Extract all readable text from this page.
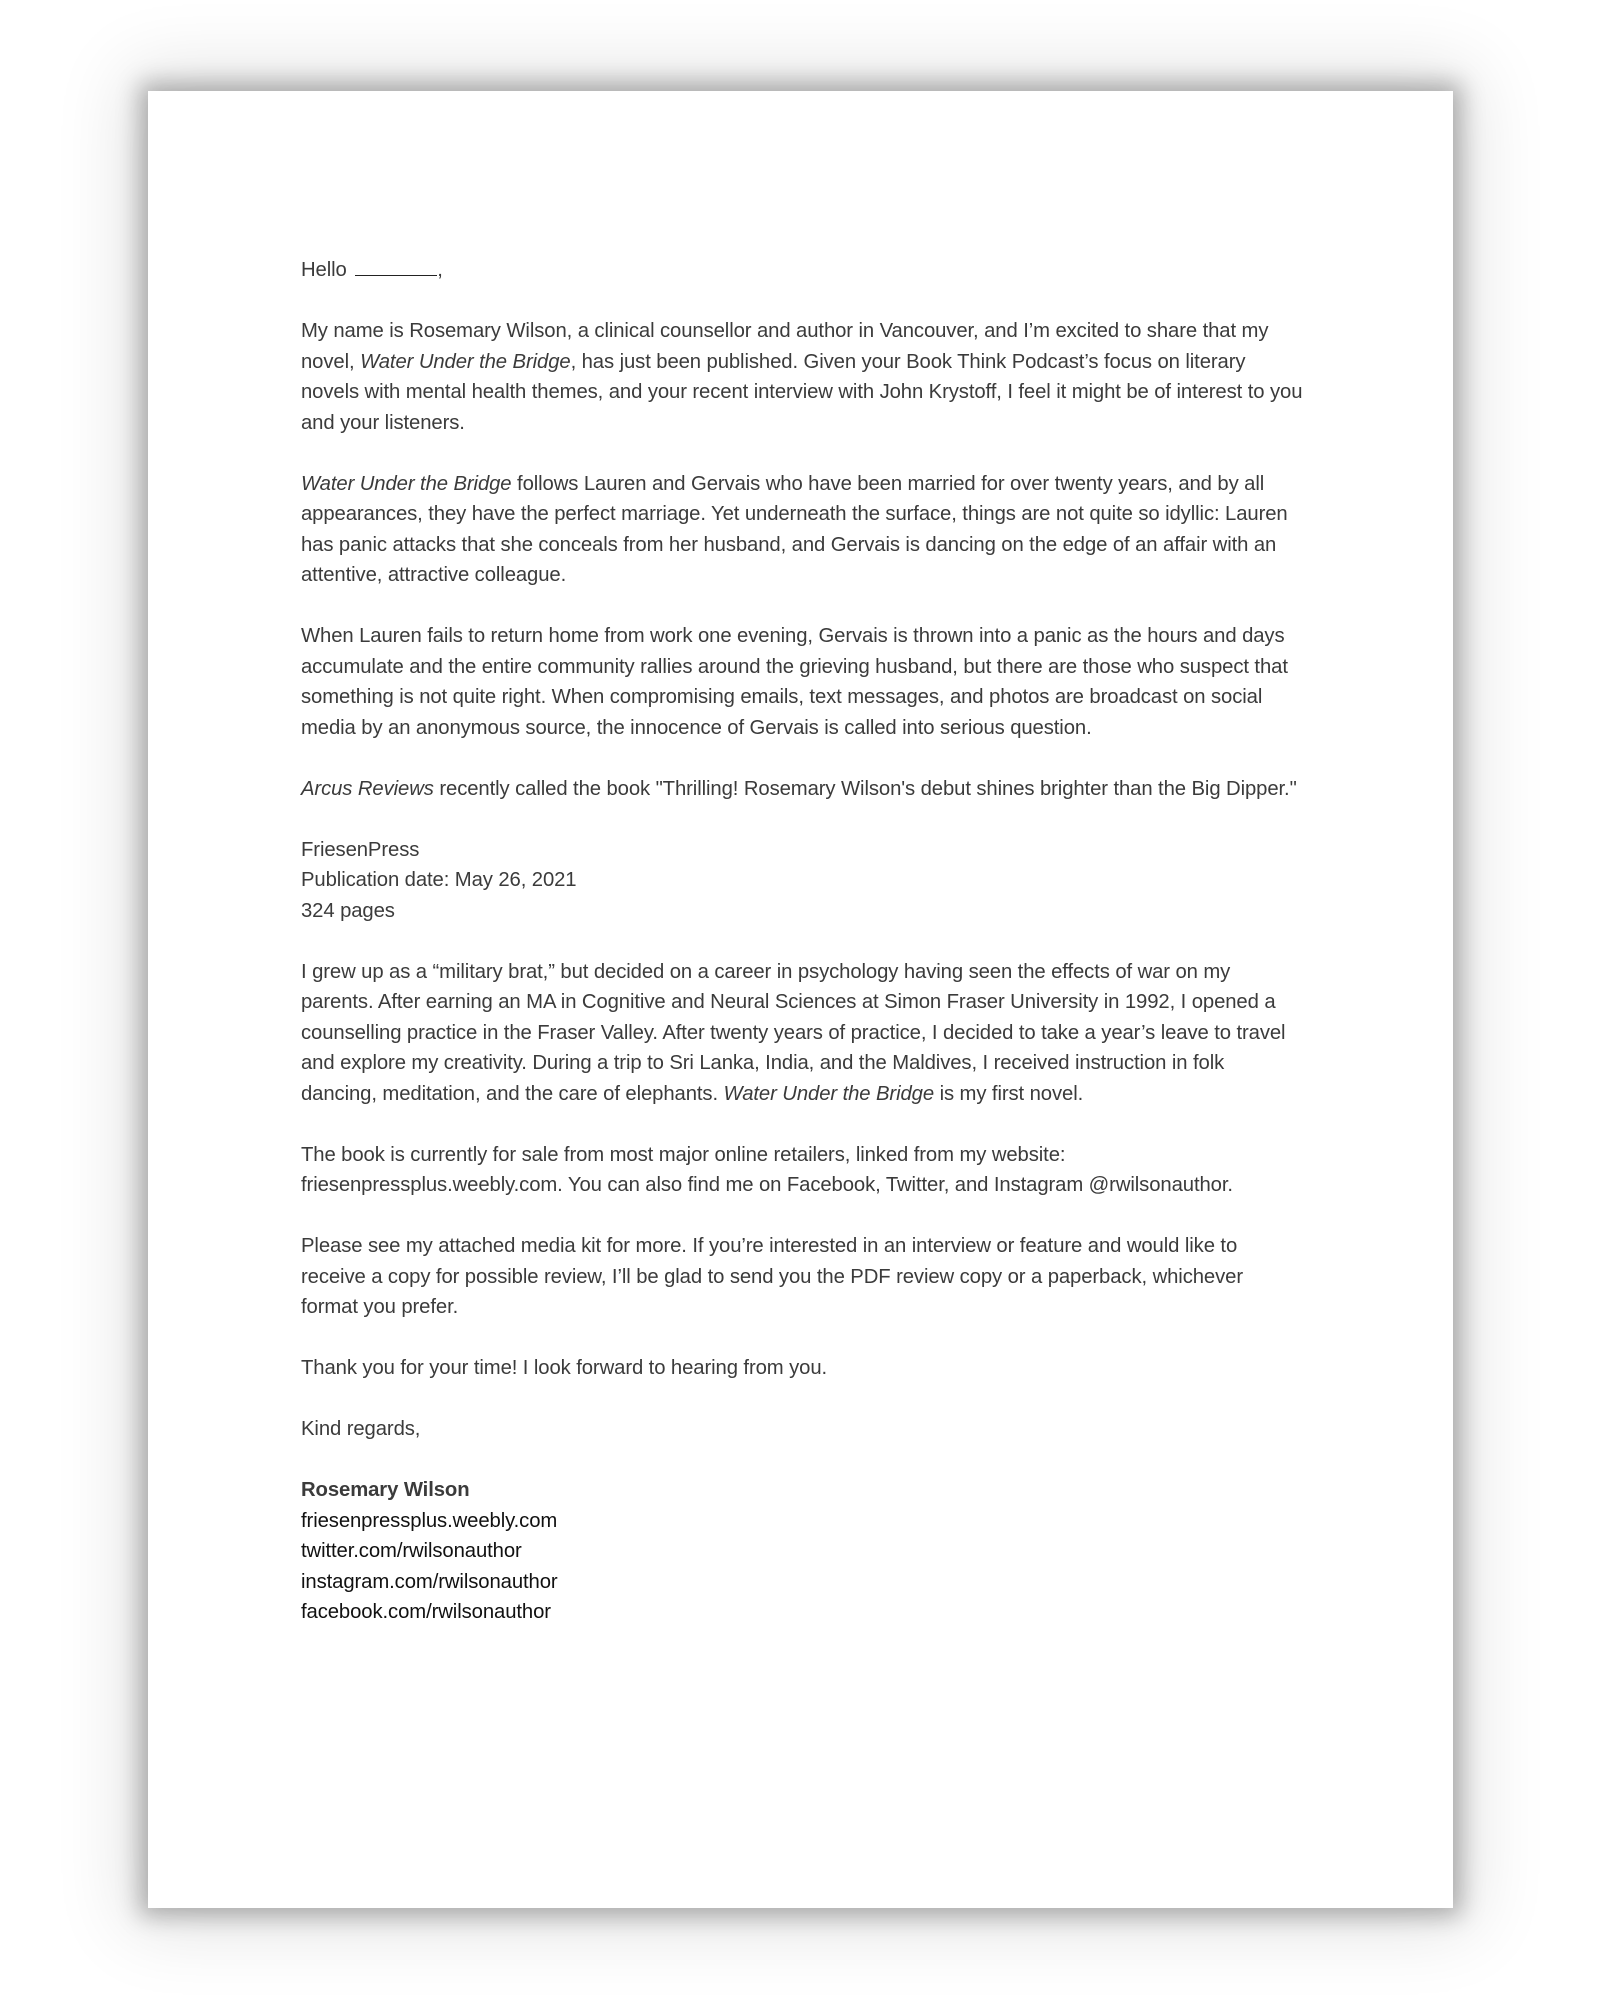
Hello	,

My name is Rosemary Wilson, a clinical counsellor and author in Vancouver, and I’m excited to share that my novel, Water Under the Bridge, has just been published. Given your Book Think Podcast’s focus on literary novels with mental health themes, and your recent interview with John Krystoff, I feel it might be of interest to you and your listeners.

Water Under the Bridge follows Lauren and Gervais who have been married for over twenty years, and by all appearances, they have the perfect marriage. Yet underneath the surface, things are not quite so idyllic: Lauren has panic attacks that she conceals from her husband, and Gervais is dancing on the edge of an affair with an attentive, attractive colleague.

When Lauren fails to return home from work one evening, Gervais is thrown into a panic as the hours and days accumulate and the entire community rallies around the grieving husband, but there are those who suspect that something is not quite right. When compromising emails, text messages, and photos are broadcast on social media by an anonymous source, the innocence of Gervais is called into serious question.

Arcus Reviews recently called the book "Thrilling! Rosemary Wilson's debut shines brighter than the Big Dipper."

FriesenPress
Publication date: May 26, 2021
324 pages

I grew up as a “military brat,” but decided on a career in psychology having seen the effects of war on my parents. After earning an MA in Cognitive and Neural Sciences at Simon Fraser University in 1992, I opened a counselling practice in the Fraser Valley. After twenty years of practice, I decided to take a year’s leave to travel and explore my creativity. During a trip to Sri Lanka, India, and the Maldives, I received instruction in folk dancing, meditation, and the care of elephants. Water Under the Bridge is my first novel.

The book is currently for sale from most major online retailers, linked from my website: friesenpressplus.weebly.com. You can also find me on Facebook, Twitter, and Instagram @rwilsonauthor.

Please see my attached media kit for more. If you’re interested in an interview or feature and would like to receive a copy for possible review, I’ll be glad to send you the PDF review copy or a paperback, whichever format you prefer.

Thank you for your time! I look forward to hearing from you.

Kind regards,

Rosemary Wilson
friesenpressplus.weebly.com
twitter.com/rwilsonauthor
instagram.com/rwilsonauthor
facebook.com/rwilsonauthor
